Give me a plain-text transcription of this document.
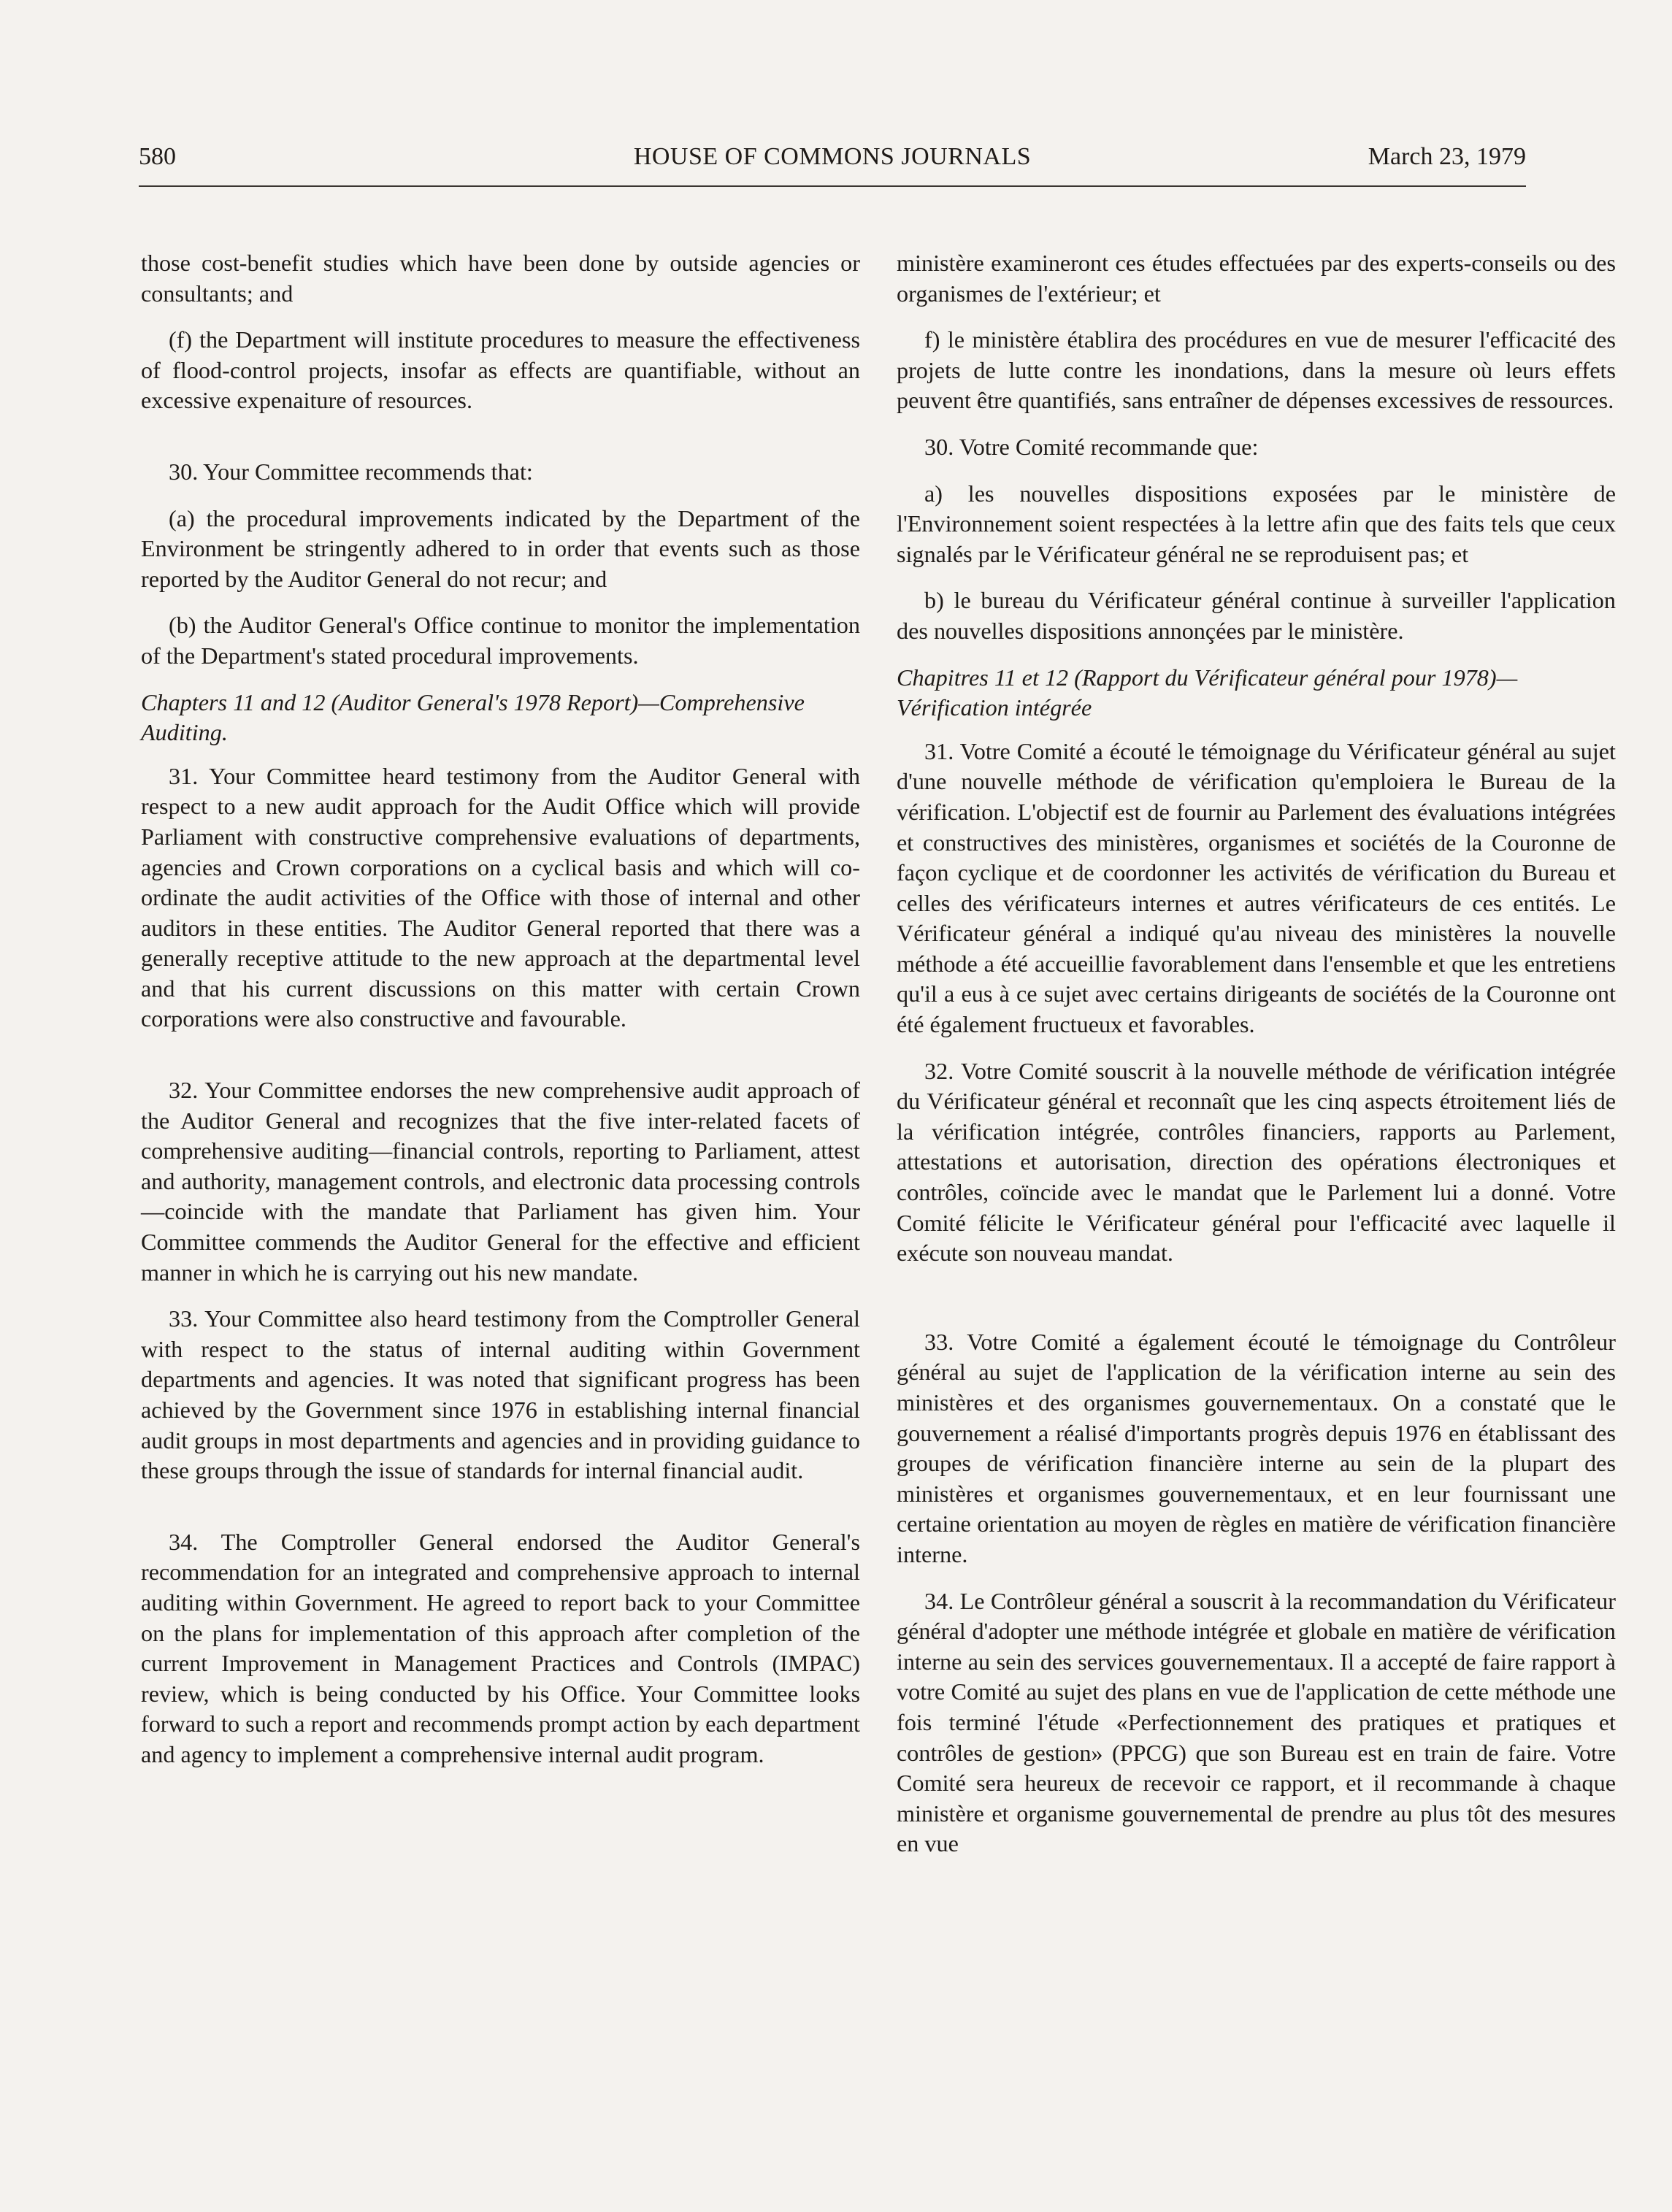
580	HOUSE OF COMMONS JOURNALS	March 23, 1979

those cost-benefit studies which have been done by outside agencies or consultants; and

(f) the Department will institute procedures to measure the effectiveness of flood-control projects, insofar as effects are quantifiable, without an excessive expenaiture of resources.

30. Your Committee recommends that:

(a) the procedural improvements indicated by the Department of the Environment be stringently adhered to in order that events such as those reported by the Auditor General do not recur; and

(b) the Auditor General's Office continue to monitor the implementation of the Department's stated procedural improvements.

Chapters 11 and 12 (Auditor General's 1978 Report)—Comprehensive Auditing.

31. Your Committee heard testimony from the Auditor General with respect to a new audit approach for the Audit Office which will provide Parliament with constructive comprehensive evaluations of departments, agencies and Crown corporations on a cyclical basis and which will co-ordinate the audit activities of the Office with those of internal and other auditors in these entities. The Auditor General reported that there was a generally receptive attitude to the new approach at the departmental level and that his current discussions on this matter with certain Crown corporations were also constructive and favourable.

32. Your Committee endorses the new comprehensive audit approach of the Auditor General and recognizes that the five inter-related facets of comprehensive auditing—financial controls, reporting to Parliament, attest and authority, management controls, and electronic data processing controls—coincide with the mandate that Parliament has given him. Your Committee commends the Auditor General for the effective and efficient manner in which he is carrying out his new mandate.

33. Your Committee also heard testimony from the Comptroller General with respect to the status of internal auditing within Government departments and agencies. It was noted that significant progress has been achieved by the Government since 1976 in establishing internal financial audit groups in most departments and agencies and in providing guidance to these groups through the issue of standards for internal financial audit.

34. The Comptroller General endorsed the Auditor General's recommendation for an integrated and comprehensive approach to internal auditing within Government. He agreed to report back to your Committee on the plans for implementation of this approach after completion of the current Improvement in Management Practices and Controls (IMPAC) review, which is being conducted by his Office. Your Committee looks forward to such a report and recommends prompt action by each department and agency to implement a comprehensive internal audit program.

ministère examineront ces études effectuées par des experts-conseils ou des organismes de l'extérieur; et

f) le ministère établira des procédures en vue de mesurer l'efficacité des projets de lutte contre les inondations, dans la mesure où leurs effets peuvent être quantifiés, sans entraîner de dépenses excessives de ressources.

30. Votre Comité recommande que:

a) les nouvelles dispositions exposées par le ministère de l'Environnement soient respectées à la lettre afin que des faits tels que ceux signalés par le Vérificateur général ne se reproduisent pas; et

b) le bureau du Vérificateur général continue à surveiller l'application des nouvelles dispositions annonçées par le ministère.

Chapitres 11 et 12 (Rapport du Vérificateur général pour 1978)—Vérification intégrée

31. Votre Comité a écouté le témoignage du Vérificateur général au sujet d'une nouvelle méthode de vérification qu'emploiera le Bureau de la vérification. L'objectif est de fournir au Parlement des évaluations intégrées et constructives des ministères, organismes et sociétés de la Couronne de façon cyclique et de coordonner les activités de vérification du Bureau et celles des vérificateurs internes et autres vérificateurs de ces entités. Le Vérificateur général a indiqué qu'au niveau des ministères la nouvelle méthode a été accueillie favorablement dans l'ensemble et que les entretiens qu'il a eus à ce sujet avec certains dirigeants de sociétés de la Couronne ont été également fructueux et favorables.

32. Votre Comité souscrit à la nouvelle méthode de vérification intégrée du Vérificateur général et reconnaît que les cinq aspects étroitement liés de la vérification intégrée, contrôles financiers, rapports au Parlement, attestations et autorisation, direction des opérations électroniques et contrôles, coïncide avec le mandat que le Parlement lui a donné. Votre Comité félicite le Vérificateur général pour l'efficacité avec laquelle il exécute son nouveau mandat.

33. Votre Comité a également écouté le témoignage du Contrôleur général au sujet de l'application de la vérification interne au sein des ministères et des organismes gouvernementaux. On a constaté que le gouvernement a réalisé d'importants progrès depuis 1976 en établissant des groupes de vérification financière interne au sein de la plupart des ministères et organismes gouvernementaux, et en leur fournissant une certaine orientation au moyen de règles en matière de vérification financière interne.

34. Le Contrôleur général a souscrit à la recommandation du Vérificateur général d'adopter une méthode intégrée et globale en matière de vérification interne au sein des services gouvernementaux. Il a accepté de faire rapport à votre Comité au sujet des plans en vue de l'application de cette méthode une fois terminé l'étude «Perfectionnement des pratiques et pratiques et contrôles de gestion» (PPCG) que son Bureau est en train de faire. Votre Comité sera heureux de recevoir ce rapport, et il recommande à chaque ministère et organisme gouvernemental de prendre au plus tôt des mesures en vue
